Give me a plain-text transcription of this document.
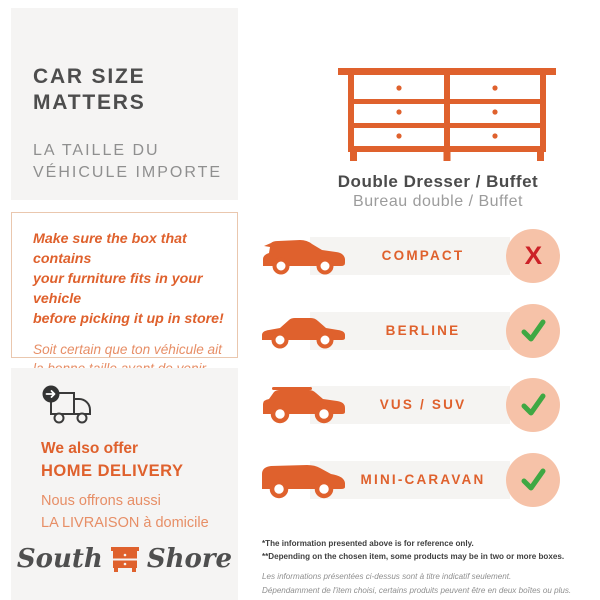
CAR SIZE
MATTERS
LA TAILLE DU
VÉHICULE IMPORTE
Make sure the box that contains
your furniture fits in your vehicle
before picking it up in store!
Soit certain que ton véhicule ait
We also offer
HOME DELIVERY
Nous offrons aussi
LA LIVRAISON à domicile
South Shore
Double Dresser / Buffet
Bureau double / Buffet
COMPACT	X
BERLINE
VUS / SUV
MINI-CARAVAN
*The information presented above is for reference only.
**Depending on the chosen item, some products may be in two or more boxes.
Les informations présentées ci-dessus sont à titre indicatif seulement.
Dépendamment de l'item choisi, certains produits peuvent être en deux boîtes ou plus.
